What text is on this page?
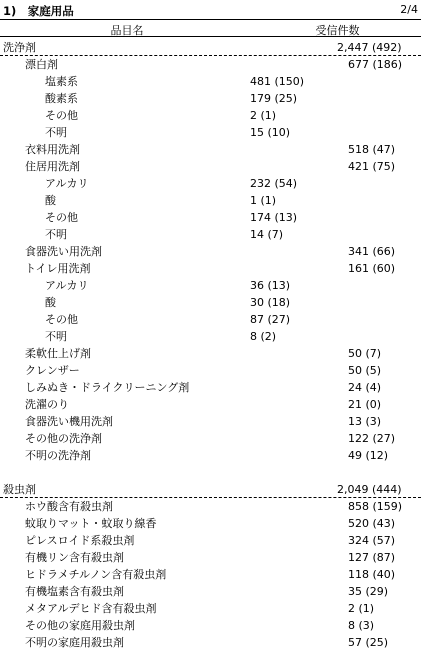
1)　家庭用品	2/4
品目名	受信件数
洗浄剤	2,447 (492)
漂白剤	677 (186)
塩素系	481 (150)
酸素系	179 (25)
その他	2 (1)
不明	15 (10)
衣料用洗剤	518 (47)
住居用洗剤	421 (75)
アルカリ	232 (54)
酸	1 (1)
その他	174 (13)
不明	14 (7)
食器洗い用洗剤	341 (66)
トイレ用洗剤	161 (60)
アルカリ	36 (13)
酸	30 (18)
その他	87 (27)
不明	8 (2)
柔軟仕上げ剤	50 (7)
クレンザー	50 (5)
しみぬき・ドライクリーニング剤	24 (4)
洗濯のり	21 (0)
食器洗い機用洗剤	13 (3)
その他の洗浄剤	122 (27)
不明の洗浄剤	49 (12)
殺虫剤	2,049 (444)
ホウ酸含有殺虫剤	858 (159)
蚊取りマット・蚊取り線香	520 (43)
ピレスロイド系殺虫剤	324 (57)
有機リン含有殺虫剤	127 (87)
ヒドラメチルノン含有殺虫剤	118 (40)
有機塩素含有殺虫剤	35 (29)
メタアルデヒド含有殺虫剤	2 (1)
その他の家庭用殺虫剤	8 (3)
不明の家庭用殺虫剤	57 (25)
